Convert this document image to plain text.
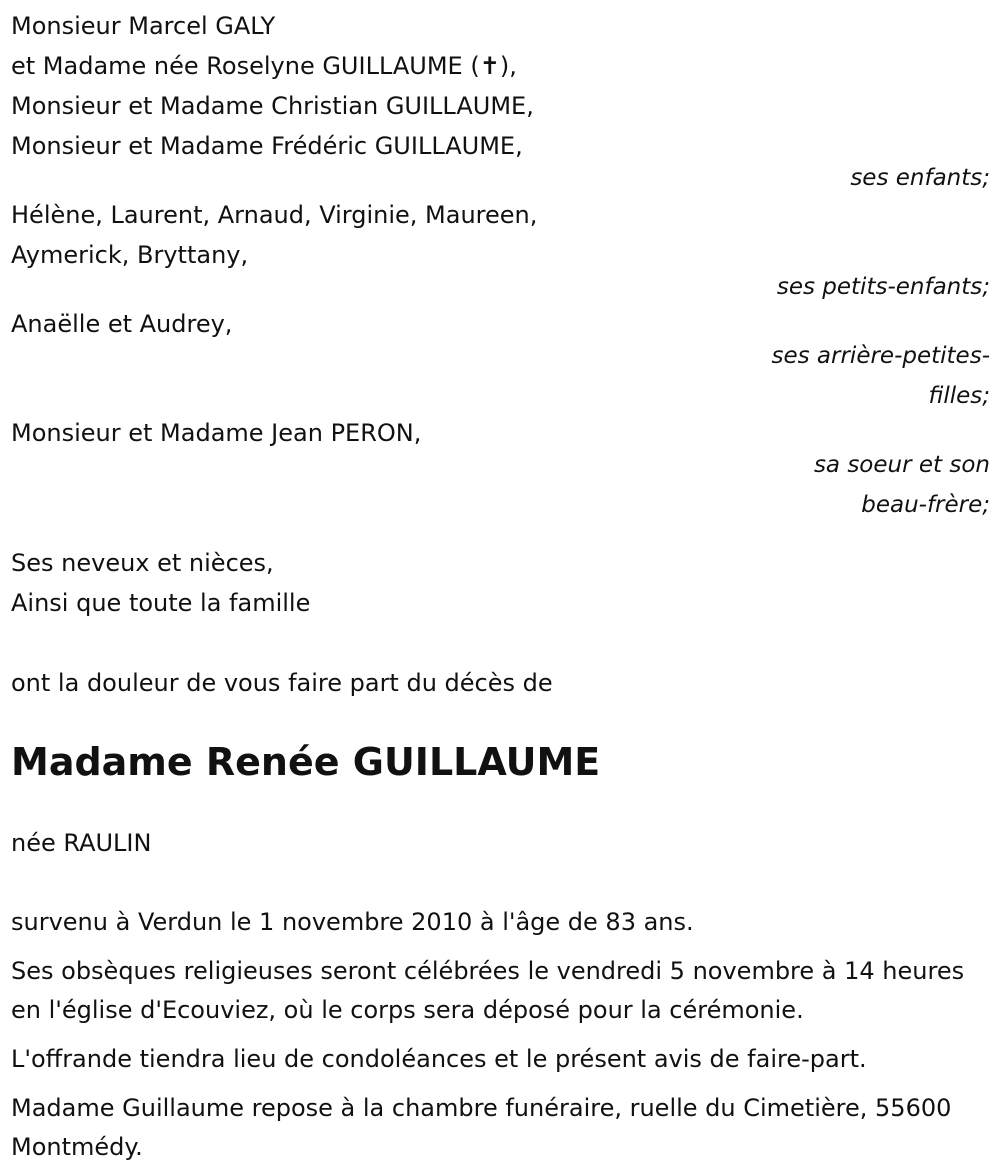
Monsieur Marcel GALY
et Madame née Roselyne GUILLAUME (✝),
Monsieur et Madame Christian GUILLAUME,
Monsieur et Madame Frédéric GUILLAUME,
ses enfants;
Hélène, Laurent, Arnaud, Virginie, Maureen,
Aymerick, Bryttany,
ses petits-enfants;
Anaëlle et Audrey,
ses arrière-petites-
filles;
Monsieur et Madame Jean PERON,
sa soeur et son
beau-frère;
Ses neveux et nièces,
Ainsi que toute la famille
ont la douleur de vous faire part du décès de
Madame Renée GUILLAUME
née RAULIN
survenu à Verdun le 1 novembre 2010 à l'âge de 83 ans.
Ses obsèques religieuses seront célébrées le vendredi 5 novembre à 14 heures en l'église d'Ecouviez, où le corps sera déposé pour la cérémonie.
L'offrande tiendra lieu de condoléances et le présent avis de faire-part.
Madame Guillaume repose à la chambre funéraire, ruelle du Cimetière, 55600 Montmédy.
